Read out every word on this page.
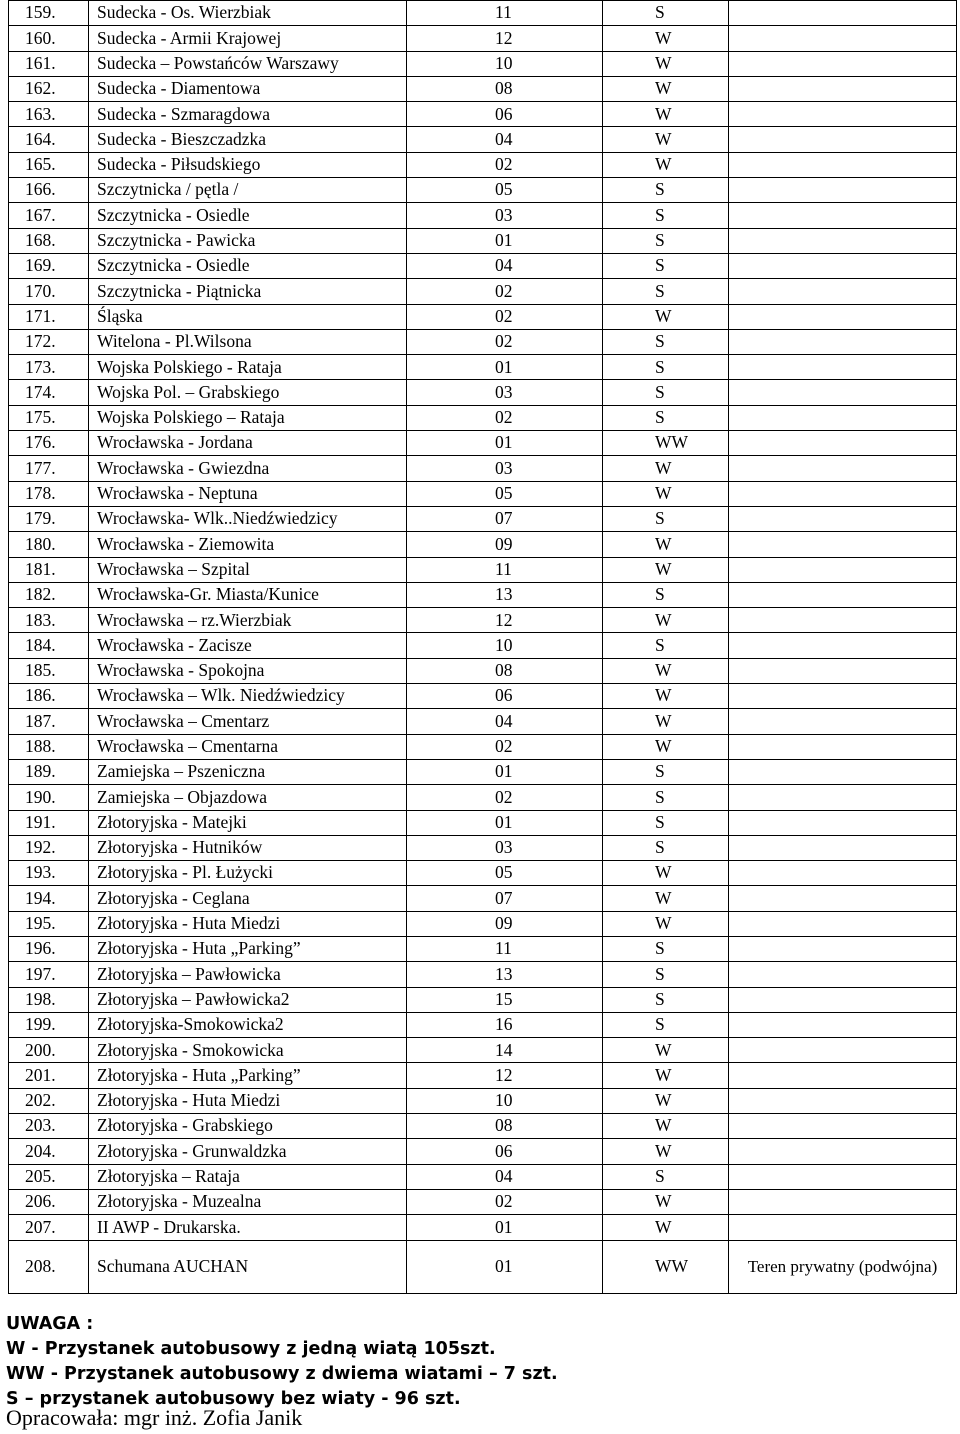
159.	Sudecka - Os. Wierzbiak	11	S	
160.	Sudecka - Armii Krajowej	12	W	
161.	Sudecka – Powstańców Warszawy	10	W	
162.	Sudecka - Diamentowa	08	W	
163.	Sudecka - Szmaragdowa	06	W	
164.	Sudecka - Bieszczadzka	04	W	
165.	Sudecka - Piłsudskiego	02	W	
166.	Szczytnicka / pętla /	05	S	
167.	Szczytnicka - Osiedle	03	S	
168.	Szczytnicka - Pawicka	01	S	
169.	Szczytnicka - Osiedle	04	S	
170.	Szczytnicka - Piątnicka	02	S	
171.	Śląska	02	W	
172.	Witelona - Pl.Wilsona	02	S	
173.	Wojska Polskiego - Rataja	01	S	
174.	Wojska Pol. – Grabskiego	03	S	
175.	Wojska Polskiego – Rataja	02	S	
176.	Wrocławska - Jordana	01	WW	
177.	Wrocławska - Gwiezdna	03	W	
178.	Wrocławska - Neptuna	05	W	
179.	Wrocławska- Wlk..Niedźwiedzicy	07	S	
180.	Wrocławska - Ziemowita	09	W	
181.	Wrocławska – Szpital	11	W	
182.	Wrocławska-Gr. Miasta/Kunice	13	S	
183.	Wrocławska – rz.Wierzbiak	12	W	
184.	Wrocławska - Zacisze	10	S	
185.	Wrocławska - Spokojna	08	W	
186.	Wrocławska – Wlk. Niedźwiedzicy	06	W	
187.	Wrocławska – Cmentarz	04	W	
188.	Wrocławska – Cmentarna	02	W	
189.	Zamiejska – Pszeniczna	01	S	
190.	Zamiejska – Objazdowa	02	S	
191.	Złotoryjska - Matejki	01	S	
192.	Złotoryjska - Hutników	03	S	
193.	Złotoryjska - Pl. Łużycki	05	W	
194.	Złotoryjska - Ceglana	07	W	
195.	Złotoryjska - Huta Miedzi	09	W	
196.	Złotoryjska - Huta „Parking”	11	S	
197.	Złotoryjska – Pawłowicka	13	S	
198.	Złotoryjska – Pawłowicka2	15	S	
199.	Złotoryjska-Smokowicka2	16	S	
200.	Złotoryjska - Smokowicka	14	W	
201.	Złotoryjska - Huta „Parking”	12	W	
202.	Złotoryjska - Huta Miedzi	10	W	
203.	Złotoryjska - Grabskiego	08	W	
204.	Złotoryjska - Grunwaldzka	06	W	
205.	Złotoryjska – Rataja	04	S	
206.	Złotoryjska - Muzealna	02	W	
207.	II AWP - Drukarska.	01	W	
208.	Schumana AUCHAN	01	WW	Teren prywatny (podwójna)
UWAGA :
W - Przystanek autobusowy z jedną wiatą 105szt.
WW - Przystanek autobusowy z dwiema wiatami – 7 szt.
S – przystanek autobusowy bez wiaty - 96 szt.
Opracowała: mgr inż. Zofia Janik
